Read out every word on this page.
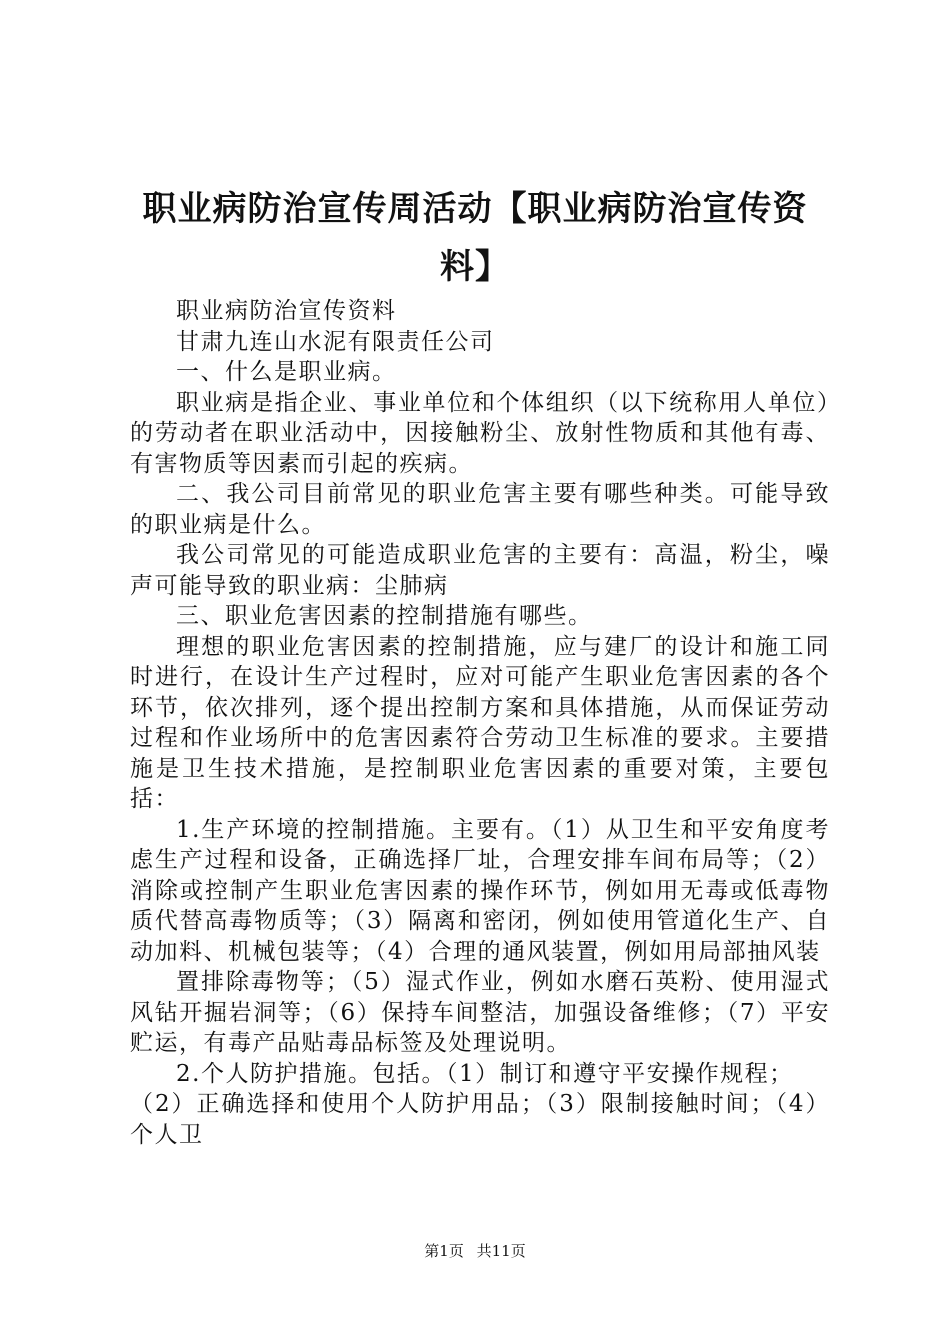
职业病防治宣传周活动【职业病防治宣传资料】

职业病防治宣传资料

甘肃九连山水泥有限责任公司

一、什么是职业病。

职业病是指企业、事业单位和个体组织（以下统称用人单位）的劳动者在职业活动中，因接触粉尘、放射性物质和其他有毒、有害物质等因素而引起的疾病。

二、我公司目前常见的职业危害主要有哪些种类。可能导致的职业病是什么。

我公司常见的可能造成职业危害的主要有：高温，粉尘，噪声可能导致的职业病：尘肺病

三、职业危害因素的控制措施有哪些。

理想的职业危害因素的控制措施，应与建厂的设计和施工同时进行，在设计生产过程时，应对可能产生职业危害因素的各个环节，依次排列，逐个提出控制方案和具体措施，从而保证劳动过程和作业场所中的危害因素符合劳动卫生标准的要求。主要措施是卫生技术措施，是控制职业危害因素的重要对策，主要包括：

1.生产环境的控制措施。主要有。（1）从卫生和平安角度考虑生产过程和设备，正确选择厂址，合理安排车间布局等；（2）消除或控制产生职业危害因素的操作环节，例如用无毒或低毒物质代替高毒物质等；（3）隔离和密闭，例如使用管道化生产、自动加料、机械包装等；（4）合理的通风装置，例如用局部抽风装

置排除毒物等；（5）湿式作业，例如水磨石英粉、使用湿式风钻开掘岩洞等；（6）保持车间整洁，加强设备维修；（7）平安贮运，有毒产品贴毒品标签及处理说明。

2.个人防护措施。包括。（1）制订和遵守平安操作规程；

（2）正确选择和使用个人防护用品；（3）限制接触时间；（4）个人卫

第1页 共11页
